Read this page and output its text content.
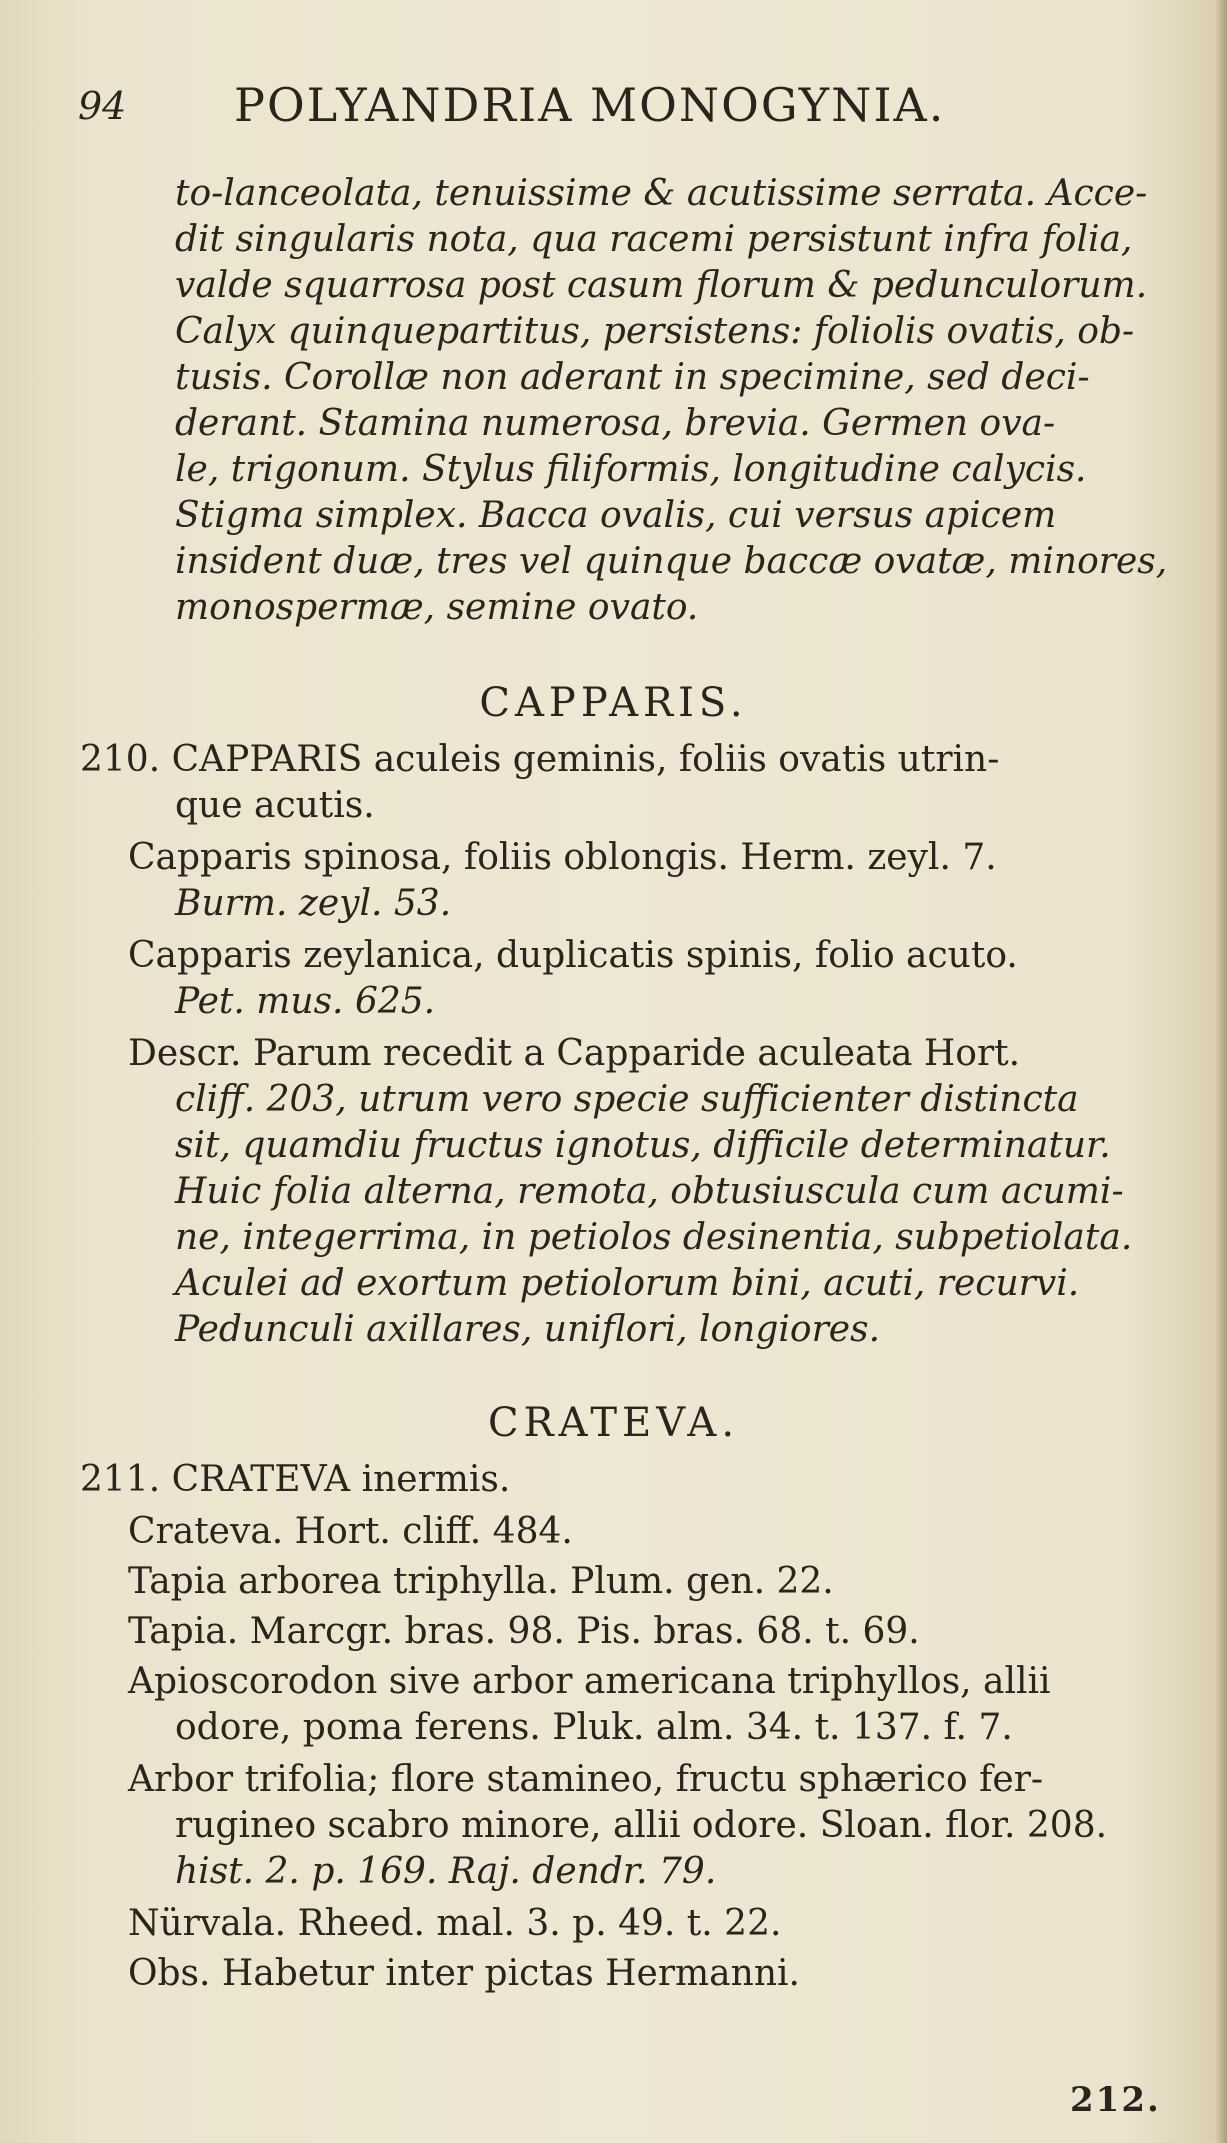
94 POLYANDRIA MONOGYNIA.
to-lanceolata, tenuissime & acutissime serrata. Acce-
dit singularis nota, qua racemi persistunt infra folia,
valde squarrosa post casum florum & pedunculorum.
Calyx quinquepartitus, persistens: foliolis ovatis, ob-
tusis. Corollæ non aderant in specimine, sed deci-
derant. Stamina numerosa, brevia. Germen ova-
le, trigonum. Stylus filiformis, longitudine calycis.
Stigma simplex. Bacca ovalis, cui versus apicem
insident duæ, tres vel quinque baccæ ovatæ, minores,
monospermæ, semine ovato.
CAPPARIS.
210. CAPPARIS aculeis geminis, foliis ovatis utrin-
que acutis.
Capparis spinosa, foliis oblongis. Herm. zeyl. 7.
Burm. zeyl. 53.
Capparis zeylanica, duplicatis spinis, folio acuto.
Pet. mus. 625.
Descr. Parum recedit a Capparide aculeata Hort.
cliff. 203, utrum vero specie sufficienter distincta
sit, quamdiu fructus ignotus, difficile determinatur.
Huic folia alterna, remota, obtusiuscula cum acumi-
ne, integerrima, in petiolos desinentia, subpetiolata.
Aculei ad exortum petiolorum bini, acuti, recurvi.
Pedunculi axillares, uniflori, longiores.
CRATEVA.
211. CRATEVA inermis.
Crateva. Hort. cliff. 484.
Tapia arborea triphylla. Plum. gen. 22.
Tapia. Marcgr. bras. 98. Pis. bras. 68. t. 69.
Apioscorodon sive arbor americana triphyllos, allii
odore, poma ferens. Pluk. alm. 34. t. 137. f. 7.
Arbor trifolia; flore stamineo, fructu sphærico fer-
rugineo scabro minore, allii odore. Sloan. flor. 208.
hist. 2. p. 169. Raj. dendr. 79.
Nürvala. Rheed. mal. 3. p. 49. t. 22.
Obs. Habetur inter pictas Hermanni.
212.
